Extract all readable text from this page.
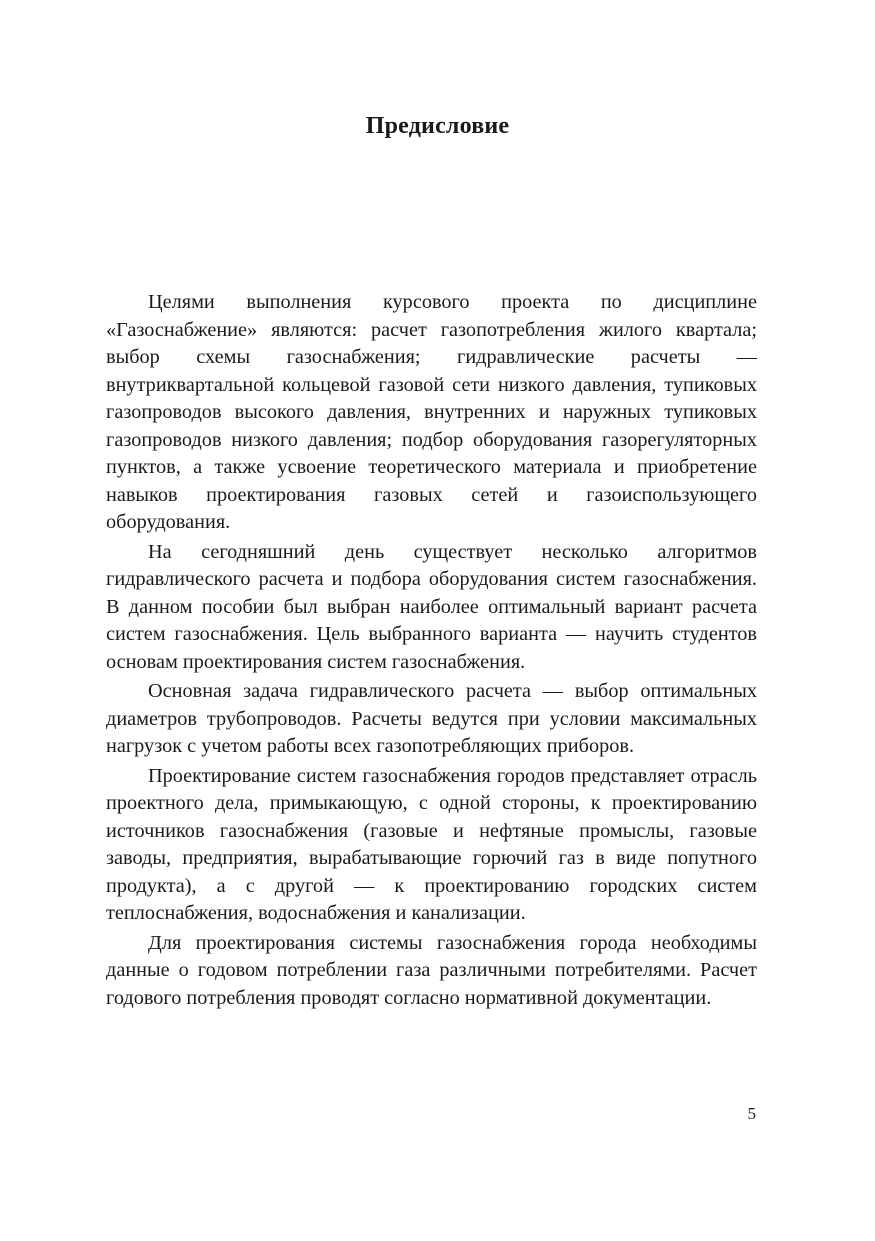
Предисловие

Целями выполнения курсового проекта по дисциплине «Газоснабжение» являются: расчет газопотребления жилого квартала; выбор схемы газоснабжения; гидравлические расчеты — внутриквартальной кольцевой газовой сети низкого давления, тупиковых газопроводов высокого давления, внутренних и наружных тупиковых газопроводов низкого давления; подбор оборудования газорегуляторных пунктов, а также усвоение теоретического материала и приобретение навыков проектирования газовых сетей и газоиспользующего оборудования.

На сегодняшний день существует несколько алгоритмов гидравлического расчета и подбора оборудования систем газоснабжения. В данном пособии был выбран наиболее оптимальный вариант расчета систем газоснабжения. Цель выбранного варианта — научить студентов основам проектирования систем газоснабжения.

Основная задача гидравлического расчета — выбор оптимальных диаметров трубопроводов. Расчеты ведутся при условии максимальных нагрузок с учетом работы всех газопотребляющих приборов.

Проектирование систем газоснабжения городов представляет отрасль проектного дела, примыкающую, с одной стороны, к проектированию источников газоснабжения (газовые и нефтяные промыслы, газовые заводы, предприятия, вырабатывающие горючий газ в виде попутного продукта), а с другой — к проектированию городских систем теплоснабжения, водоснабжения и канализации.

Для проектирования системы газоснабжения города необходимы данные о годовом потреблении газа различными потребителями. Расчет годового потребления проводят согласно нормативной документации.

5
